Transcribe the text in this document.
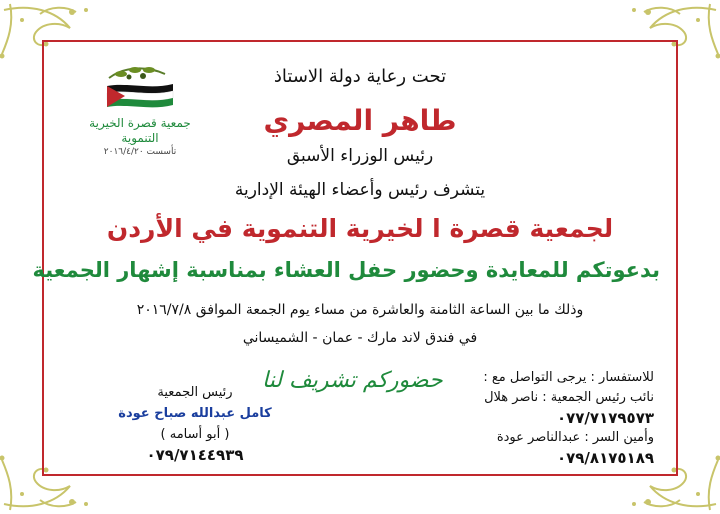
جمعية قصرة الخيرية التنموية
تأسست ٢٠١٦/٤/٢٠
تحت رعاية دولة الاستاذ
طاهر المصري
رئيس الوزراء الأسبق
يتشرف رئيس وأعضاء الهيئة الإدارية
لجمعية قصرة ا لخيرية التنموية في الأردن
بدعوتكم للمعايدة وحضور حفل العشاء بمناسبة إشهار الجمعية
وذلك ما بين الساعة الثامنة والعاشرة من مساء يوم الجمعة الموافق ٢٠١٦/٧/٨
في فندق لاند مارك - عمان - الشميساني
حضوركم تشريف لنا	للاستفسار : يرجى التواصل مع :
نائب رئيس الجمعية : ناصر هلال
٠٧٧/٧١٧٩٥٧٣
وأمين السر : عبدالناصر عودة
٠٧٩/٨١٧٥١٨٩
رئيس الجمعية
كامل عبدالله صباح عودة
( أبو أسامه )
٠٧٩/٧١٤٤٩٣٩
